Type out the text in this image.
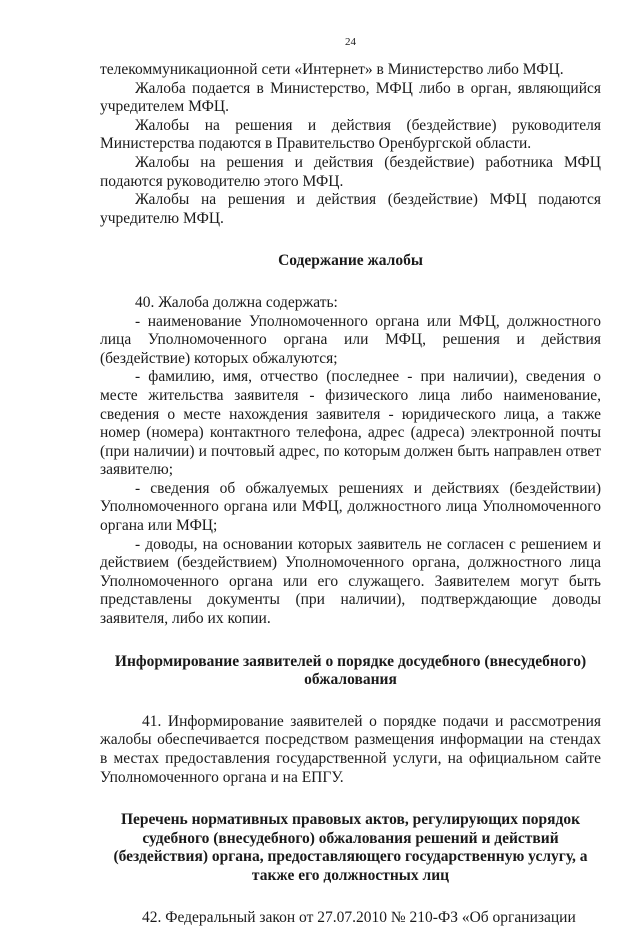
24

телекоммуникационной сети «Интернет» в Министерство либо МФЦ.

Жалоба подается в Министерство, МФЦ либо в орган, являющийся учредителем МФЦ.

Жалобы на решения и действия (бездействие) руководителя Министерства подаются в Правительство Оренбургской области.

Жалобы на решения и действия (бездействие) работника МФЦ подаются руководителю этого МФЦ.

Жалобы на решения и действия (бездействие) МФЦ подаются учредителю МФЦ.

Содержание жалобы

40. Жалоба должна содержать:

- наименование Уполномоченного органа или МФЦ, должностного лица Уполномоченного органа или МФЦ, решения и действия (бездействие) которых обжалуются;

- фамилию, имя, отчество (последнее - при наличии), сведения о месте жительства заявителя - физического лица либо наименование, сведения о месте нахождения заявителя - юридического лица, а также номер (номера) контактного телефона, адрес (адреса) электронной почты (при наличии) и почтовый адрес, по которым должен быть направлен ответ заявителю;

- сведения об обжалуемых решениях и действиях (бездействии) Уполномоченного органа или МФЦ, должностного лица Уполномоченного органа или МФЦ;

- доводы, на основании которых заявитель не согласен с решением и действием (бездействием) Уполномоченного органа, должностного лица Уполномоченного органа или его служащего. Заявителем могут быть представлены документы (при наличии), подтверждающие доводы заявителя, либо их копии.

Информирование заявителей о порядке досудебного (внесудебного) обжалования

41. Информирование заявителей о порядке подачи и рассмотрения жалобы обеспечивается посредством размещения информации на стендах в местах предоставления государственной услуги, на официальном сайте Уполномоченного органа и на ЕПГУ.

Перечень нормативных правовых актов, регулирующих порядок судебного (внесудебного) обжалования решений и действий (бездействия) органа, предоставляющего государственную услугу, а также его должностных лиц

42. Федеральный закон от 27.07.2010 № 210-ФЗ «Об организации
